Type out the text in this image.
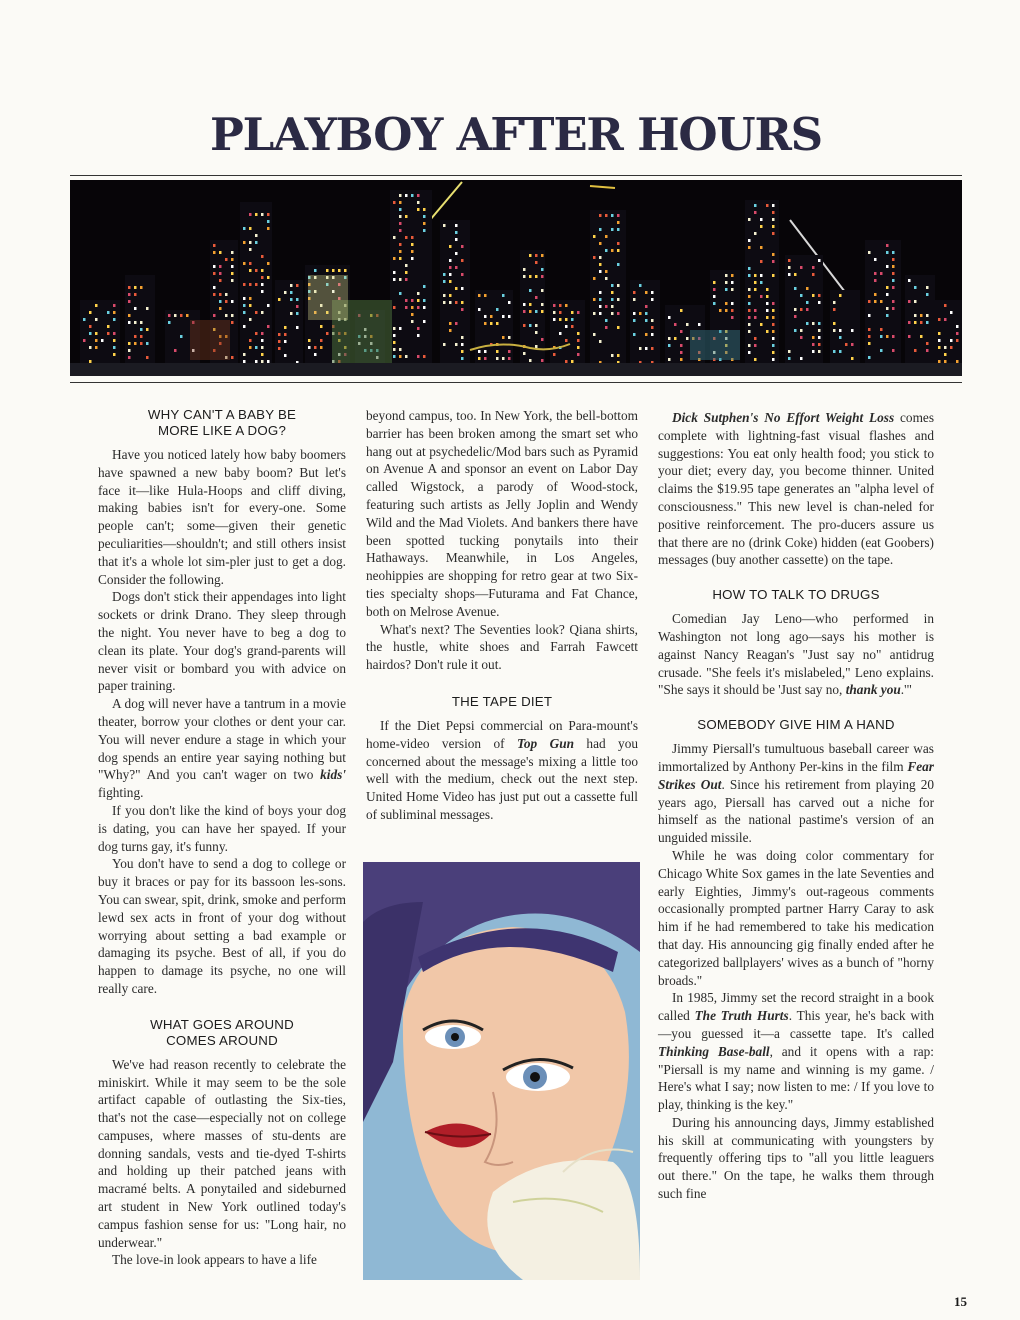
PLAYBOY AFTER HOURS
WHY CAN'T A BABY BE
MORE LIKE A DOG?

Have you noticed lately how baby boomers have spawned a new baby boom? But let's face it—like Hula-Hoops and cliff diving, making babies isn't for every-one. Some people can't; some—given their genetic peculiarities—shouldn't; and still others insist that it's a whole lot sim-pler just to get a dog. Consider the following.

Dogs don't stick their appendages into light sockets or drink Drano. They sleep through the night. You never have to beg a dog to clean its plate. Your dog's grand-parents will never visit or bombard you with advice on paper training.

A dog will never have a tantrum in a movie theater, borrow your clothes or dent your car. You will never endure a stage in which your dog spends an entire year saying nothing but "Why?" And you can't wager on two kids' fighting.

If you don't like the kind of boys your dog is dating, you can have her spayed. If your dog turns gay, it's funny.

You don't have to send a dog to college or buy it braces or pay for its bassoon les-sons. You can swear, spit, drink, smoke and perform lewd sex acts in front of your dog without worrying about setting a bad example or damaging its psyche. Best of all, if you do happen to damage its psyche, no one will really care.

WHAT GOES AROUND
COMES AROUND

We've had reason recently to celebrate the miniskirt. While it may seem to be the sole artifact capable of outlasting the Six-ties, that's not the case—especially not on college campuses, where masses of stu-dents are donning sandals, vests and tie-dyed T-shirts and holding up their patched jeans with macramé belts. A ponytailed and sideburned art student in New York outlined today's campus fashion sense for us: "Long hair, no underwear."

The love-in look appears to have a life

beyond campus, too. In New York, the bell-bottom barrier has been broken among the smart set who hang out at psychedelic/Mod bars such as Pyramid on Avenue A and sponsor an event on Labor Day called Wigstock, a parody of Wood-stock, featuring such artists as Jelly Joplin and Wendy Wild and the Mad Violets. And bankers there have been spotted tucking ponytails into their Hathaways. Meanwhile, in Los Angeles, neohippies are shopping for retro gear at two Six-ties specialty shops—Futurama and Fat Chance, both on Melrose Avenue.

What's next? The Seventies look? Qiana shirts, the hustle, white shoes and Farrah Fawcett hairdos? Don't rule it out.

THE TAPE DIET

If the Diet Pepsi commercial on Para-mount's home-video version of Top Gun had you concerned about the message's mixing a little too well with the medium, check out the next step. United Home Video has just put out a cassette full of subliminal messages.

Dick Sutphen's No Effort Weight Loss comes complete with lightning-fast visual flashes and suggestions: You eat only health food; you stick to your diet; every day, you become thinner. United claims the $19.95 tape generates an "alpha level of consciousness." This new level is chan-neled for positive reinforcement. The pro-ducers assure us that there are no (drink Coke) hidden (eat Goobers) messages (buy another cassette) on the tape.

HOW TO TALK TO DRUGS

Comedian Jay Leno—who performed in Washington not long ago—says his mother is against Nancy Reagan's "Just say no" antidrug crusade. "She feels it's mislabeled," Leno explains. "She says it should be 'Just say no, thank you.'"

SOMEBODY GIVE HIM A HAND

Jimmy Piersall's tumultuous baseball career was immortalized by Anthony Per-kins in the film Fear Strikes Out. Since his retirement from playing 20 years ago, Piersall has carved out a niche for himself as the national pastime's version of an unguided missile.

While he was doing color commentary for Chicago White Sox games in the late Seventies and early Eighties, Jimmy's out-rageous comments occasionally prompted partner Harry Caray to ask him if he had remembered to take his medication that day. His announcing gig finally ended after he categorized ballplayers' wives as a bunch of "horny broads."

In 1985, Jimmy set the record straight in a book called The Truth Hurts. This year, he's back with—you guessed it—a cassette tape. It's called Thinking Base-ball, and it opens with a rap: "Piersall is my name and winning is my game. / Here's what I say; now listen to me: / If you love to play, thinking is the key."

During his announcing days, Jimmy established his skill at communicating with youngsters by frequently offering tips to "all you little leaguers out there." On the tape, he walks them through such fine

15
